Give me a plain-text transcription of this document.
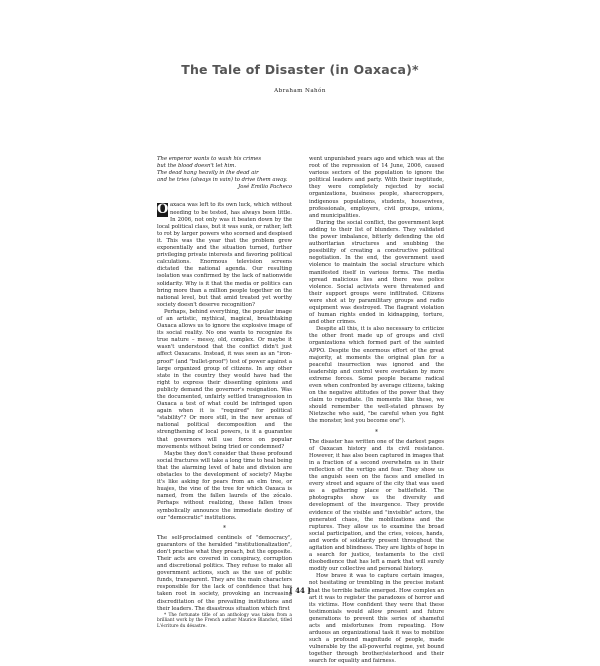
The Tale of Disaster (in Oaxaca)*
Abraham Nahón
The emperor wants to wash his crimes
but the blood doesn't let him.
The dead hang heavily in the dead air
and he tries (always in vain) to drive them away.
José Emilio Pacheco

O axaca was left to its own luck, which without needing to be tested, has always been little. In 2006, not only was it beaten down by the local political class, but it was sunk, or rather, left to rot by larger powers who scorned and despised it. This was the year that the problem grew exponentially and the situation turned, further privileging private interests and favoring political calculations. Enormous television screens dictated the national agenda. Our resulting isolation was confirmed by the lack of nationwide solidarity. Why is it that the media or politics can bring more than a million people together on the national level, but that amid treated yet worthy society doesn't deserve recognition?

Perhaps, behind everything, the popular image of an artistic, mythical, magical, breathtaking Oaxaca allows us to ignore the explosive image of its social reality. No one wants to recognize its true nature – messy, old, complex. Or maybe it wasn't understood that the conflict didn't just affect Oaxacans. Instead, it was seen as an "iron-proof" (and "bullet-proof") test of power against a large organized group of citizens. In any other state in the country they would have had the right to express their dissenting opinions and publicly demand the governor's resignation. Was the documented, unfairly settled transgression in Oaxaca a test of what could be infringed upon again when it is "required" for political "stability"? Or more still, in the new arenas of national political decomposition and the strengthening of local powers, is it a guarantee that governors will use force on popular movements without being tried or condemned?

Maybe they don't consider that these profound social fractures will take a long time to heal being that the alarming level of hate and division are obstacles to the development of society? Maybe it's like asking for pears from an elm tree, or huajes, the vine of the tree for which Oaxaca is named, from the fallen laurels of the zócalo. Perhaps without realizing, these fallen trees symbolically announce the immediate destiny of our "democratic" institutions.

*

The self-proclaimed centinels of "democracy", guarantors of the heralded "institutionalization", don't practise what they preach, but the opposite. Their acts are covered in conspiracy, corruption and discretional politics. They refuse to make all government actions, such as the use of public funds, transparent. They are the main characters responsible for the lack of confidence that has taken root in society, provoking an increasing discreditation of the prevailing institutions and their leaders. The disastrous situation which first

* The fortunate title of an anthology was taken from a brilliant work by the French author Maurice Blanchot, titled L'écriture du désastre.

went unpunished years ago and which was at the root of the repression of 14 June, 2006, caused various sectors of the population to ignore the political leaders and party. With their ineptitude, they were completely rejected by social organizations, business people, sharecroppers, indigenous populations, students, housewives, professionals, employers, civil groups, unions, and municipalities.

During the social conflict, the government kept adding to their list of blunders. They validated the power imbalance, bitterly defending the old authoritarian structures and snubbing the possibility of creating a constructive political negotiation. In the end, the government used violence to maintain the social structure which manifested itself in various forms. The media spread malicious lies and there was police violence. Social activists were threatened and their support groups were infiltrated. Citizens were shot at by paramilitary groups and radio equipment was destroyed. The flagrant violation of human rights ended in kidnapping, torture, and other crimes.

Despite all this, it is also necessary to criticize the other front made up of groups and civil organizations which formed part of the sainted APPO. Despite the enormous effort of the great majority, at moments the original plan for a peaceful insurrection was ignored and the leadership and control were overtaken by more extreme forces. Some people became radical even when confronted by average citizens, taking on the negative attitudes of the power that they claim to repudiate. (In moments like these, we should remember the well-stated phrases by Nietzsche who said, "be careful when you fight the monster, lest you become one").

*

The disaster has written one of the darkest pages of Oaxacan history and its civil resistance. However, it has also been captured in images that in a fraction of a second overwhelm us in their reflection of the vertigo and fear. They show us the anguish seen on the faces and smelled in every street and square of the city that was used as a gathering place or battlefield. The photographs show us the diversity and development of the insurgence. They provide evidence of the visible and "invisible" actors, the generated chaos, the mobilizations and the ruptures. They allow us to examine the broad social participation, and the cries, voices, hands, and words of solidarity present throughout the agitation and blindness. They are lights of hope in a search for justice, testaments to the civil disobedience that has left a mark that will surely modify our collective and personal history.

How brave it was to capture certain images, not hesitating or trembling in the precise instant that the terrible battle emerged. How complex an art it was to register the paradoxes of horror and its victims. How confident they were that these testimonials would allow present and future generations to prevent this series of shameful acts and misfortunes from repeating. How arduous an organizational task it was to mobilize such a profound magnitude of people, made vulnerable by the all-powerful regime, yet bound together through brother/sisterhood and their search for equality and fairness.

[ 44 ]
